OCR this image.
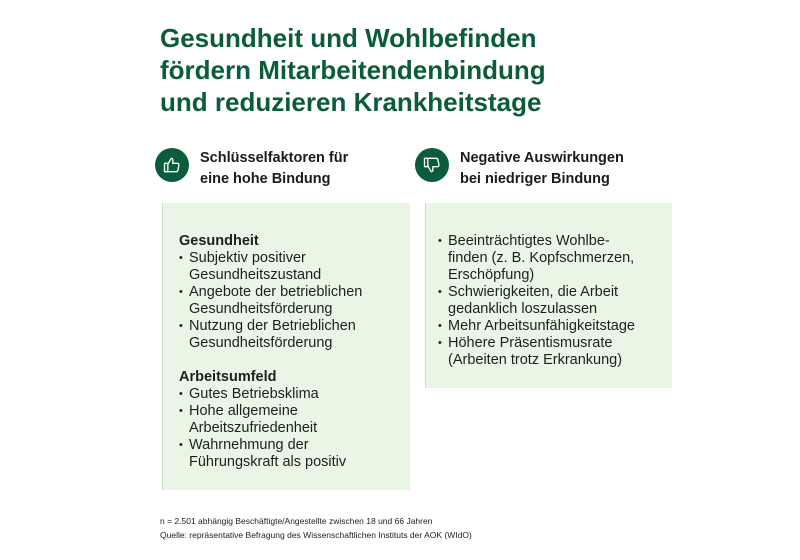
Gesundheit und Wohlbefinden
fördern Mitarbeitendenbindung
und reduzieren Krankheitstage
Schlüsselfaktoren für
eine hohe Bindung
Negative Auswirkungen
bei niedriger Bindung

Gesundheit

• Subjektiv positiver
Gesundheitszustand
• Angebote der betrieblichen
Gesundheitsförderung
• Nutzung der Betrieblichen
Gesundheitsförderung

Arbeitsumfeld

• Gutes Betriebsklima
• Hohe allgemeine
Arbeitszufriedenheit
• Wahrnehmung der
Führungskraft als positiv
• Beeinträchtigtes Wohlbe-
finden (z. B. Kopfschmerzen,
Erschöpfung)
• Schwierigkeiten, die Arbeit
gedanklich loszulassen
• Mehr Arbeitsunfähigkeitstage
• Höhere Präsentismusrate
(Arbeiten trotz Erkrankung)
n = 2.501 abhängig Beschäftigte/Angestellte zwischen 18 und 66 Jahren
Quelle: repräsentative Befragung des Wissenschaftlichen Instituts der AOK (WIdO)
